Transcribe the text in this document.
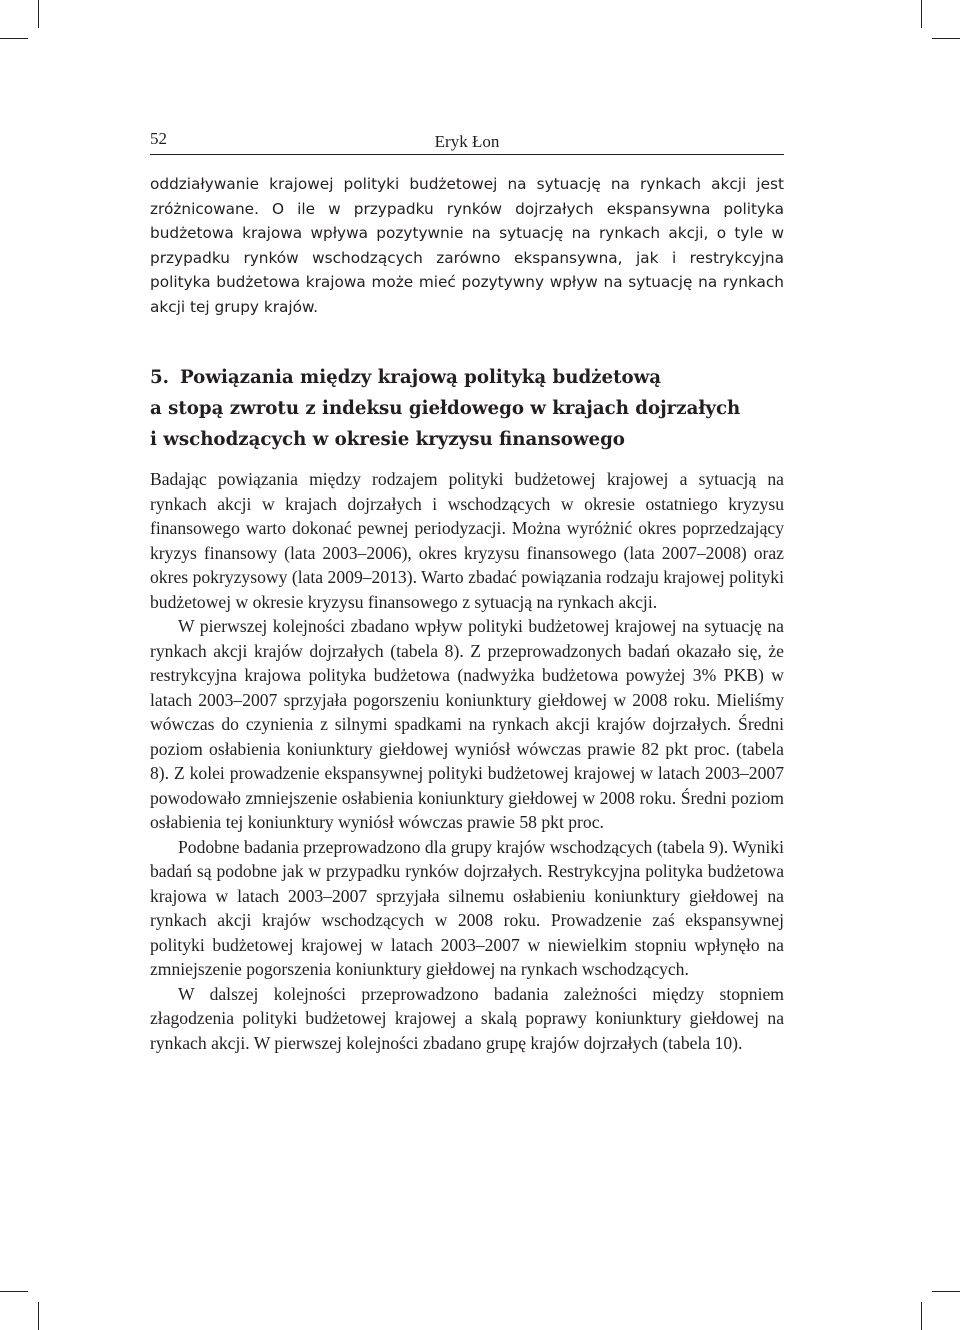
52	Eryk Łon

oddziaływanie krajowej polityki budżetowej na sytuację na rynkach akcji jest zróżnicowane. O ile w przypadku rynków dojrzałych ekspansywna polityka budżetowa krajowa wpływa pozytywnie na sytuację na rynkach akcji, o tyle w przypadku rynków wschodzących zarówno ekspansywna, jak i restrykcyjna polityka budżetowa krajowa może mieć pozytywny wpływ na sytuację na rynkach akcji tej grupy krajów.

5. Powiązania między krajową polityką budżetową
a stopą zwrotu z indeksu giełdowego w krajach dojrzałych
i wschodzących w okresie kryzysu finansowego

Badając powiązania między rodzajem polityki budżetowej krajowej a sytuacją na rynkach akcji w krajach dojrzałych i wschodzących w okresie ostatniego kryzysu finansowego warto dokonać pewnej periodyzacji. Można wyróżnić okres poprzedzający kryzys finansowy (lata 2003–2006), okres kryzysu finansowego (lata 2007–2008) oraz okres pokryzysowy (lata 2009–2013). Warto zbadać powiązania rodzaju krajowej polityki budżetowej w okresie kryzysu finansowego z sytuacją na rynkach akcji.

W pierwszej kolejności zbadano wpływ polityki budżetowej krajowej na sytuację na rynkach akcji krajów dojrzałych (tabela 8). Z przeprowadzonych badań okazało się, że restrykcyjna krajowa polityka budżetowa (nadwyżka budżetowa powyżej 3% PKB) w latach 2003–2007 sprzyjała pogorszeniu koniunktury giełdowej w 2008 roku. Mieliśmy wówczas do czynienia z silnymi spadkami na rynkach akcji krajów dojrzałych. Średni poziom osłabienia koniunktury giełdowej wyniósł wówczas prawie 82 pkt proc. (tabela 8). Z kolei prowadzenie ekspansywnej polityki budżetowej krajowej w latach 2003–2007 powodowało zmniejszenie osłabienia koniunktury giełdowej w 2008 roku. Średni poziom osłabienia tej koniunktury wyniósł wówczas prawie 58 pkt proc.

Podobne badania przeprowadzono dla grupy krajów wschodzących (tabela 9). Wyniki badań są podobne jak w przypadku rynków dojrzałych. Restrykcyjna polityka budżetowa krajowa w latach 2003–2007 sprzyjała silnemu osłabieniu koniunktury giełdowej na rynkach akcji krajów wschodzących w 2008 roku. Prowadzenie zaś ekspansywnej polityki budżetowej krajowej w latach 2003–2007 w niewielkim stopniu wpłynęło na zmniejszenie pogorszenia koniunktury giełdowej na rynkach wschodzących.

W dalszej kolejności przeprowadzono badania zależności między stopniem złagodzenia polityki budżetowej krajowej a skalą poprawy koniunktury giełdowej na rynkach akcji. W pierwszej kolejności zbadano grupę krajów dojrzałych (tabela 10).
